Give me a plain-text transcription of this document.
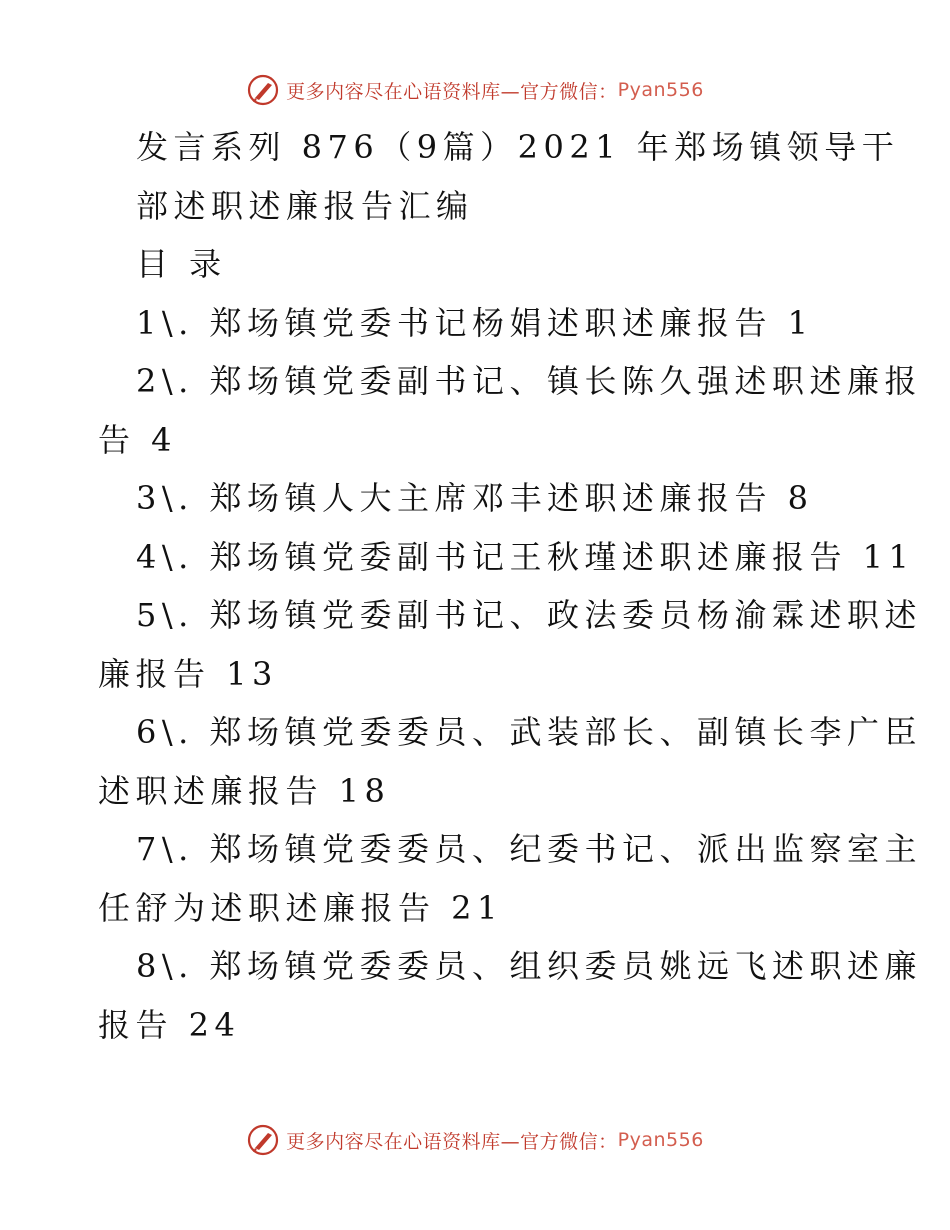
更多内容尽在心语资料库—官方微信： Pyan556

发言系列 876（9篇）2021 年郑场镇领导干

部述职述廉报告汇编

目 录

1\. 郑场镇党委书记杨娟述职述廉报告 1

2\. 郑场镇党委副书记、镇长陈久强述职述廉报

告 4

3\. 郑场镇人大主席邓丰述职述廉报告 8

4\. 郑场镇党委副书记王秋瑾述职述廉报告 11

5\. 郑场镇党委副书记、政法委员杨渝霖述职述

廉报告 13

6\. 郑场镇党委委员、武装部长、副镇长李广臣

述职述廉报告 18

7\. 郑场镇党委委员、纪委书记、派出监察室主

任舒为述职述廉报告 21

8\. 郑场镇党委委员、组织委员姚远飞述职述廉

报告 24

更多内容尽在心语资料库—官方微信： Pyan556
